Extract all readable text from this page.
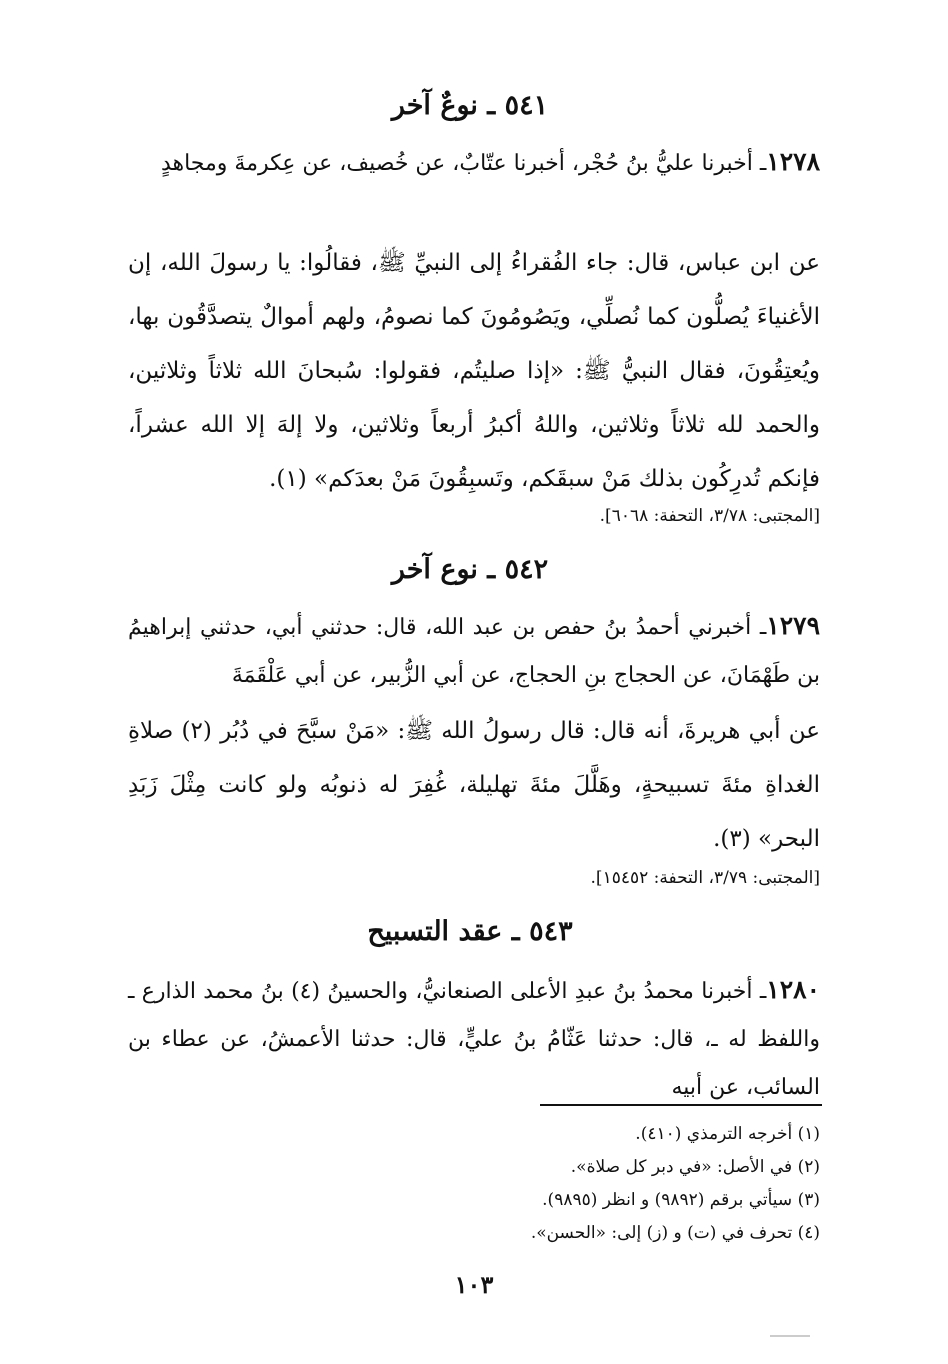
٥٤١ ـ نوعٌ آخر
١٢٧٨ـ أخبرنا عليُّ بنُ حُجْر، أخبرنا عتّابٌ، عن خُصيف، عن عِكرمةَ ومجاهدٍ
عن ابن عباس، قال: جاء الفُقراءُ إلى النبيِّ ﷺ، فقالُوا: يا رسولَ الله، إن الأغنياءَ يُصلُّون كما نُصلِّي، ويَصُومُونَ كما نصومُ، ولهم أموالٌ يتصدَّقُون بها، ويُعتِقُونَ، فقال النبيُّ ﷺ: «إذا صليتُم، فقولوا: سُبحانَ الله ثلاثاً وثلاثين، والحمد لله ثلاثاً وثلاثين، واللهُ أكبرُ أربعاً وثلاثين، ولا إلهَ إلا الله عشراً، فإنكم تُدرِكُون بذلك مَنْ سبقَكم، وتَسبِقُونَ مَنْ بعدَكم» (١).
[المجتبى: ٣/٧٨، التحفة: ٦٠٦٨].
٥٤٢ ـ نوع آخر
١٢٧٩ـ أخبرني أحمدُ بنُ حفص بن عبد الله، قال: حدثني أبي، حدثني إبراهيمُ بن طَهْمَانَ، عن الحجاج بنِ الحجاج، عن أبي الزُّبير، عن أبي عَلْقَمَةَ
عن أبي هريرةَ، أنه قال: قال رسولُ الله ﷺ: «مَنْ سبَّحَ في دُبُر (٢) صلاةِ الغداةِ مئةَ تسبيحةٍ، وهَلَّلَ مئةَ تهليلة، غُفِرَ له ذنوبُه ولو كانت مِثْلَ زَبَدِ البحر» (٣).
[المجتبى: ٣/٧٩، التحفة: ١٥٤٥٢].
٥٤٣ ـ عقد التسبيح
١٢٨٠ـ أخبرنا محمدُ بنُ عبدِ الأعلى الصنعانيُّ، والحسينُ (٤) بنُ محمد الذارع ـ واللفظ له ـ، قال: حدثنا عَثّامُ بنُ عليٍّ، قال: حدثنا الأعمشُ، عن عطاء بن السائب، عن أبيه
(١) أخرجه الترمذي (٤١٠).
(٢) في الأصل: «في دبر كل صلاة».
(٣) سيأتي برقم (٩٨٩٢) و انظر (٩٨٩٥).
(٤) تحرف في (ت) و (ز) إلى: «الحسن».
١٠٣
